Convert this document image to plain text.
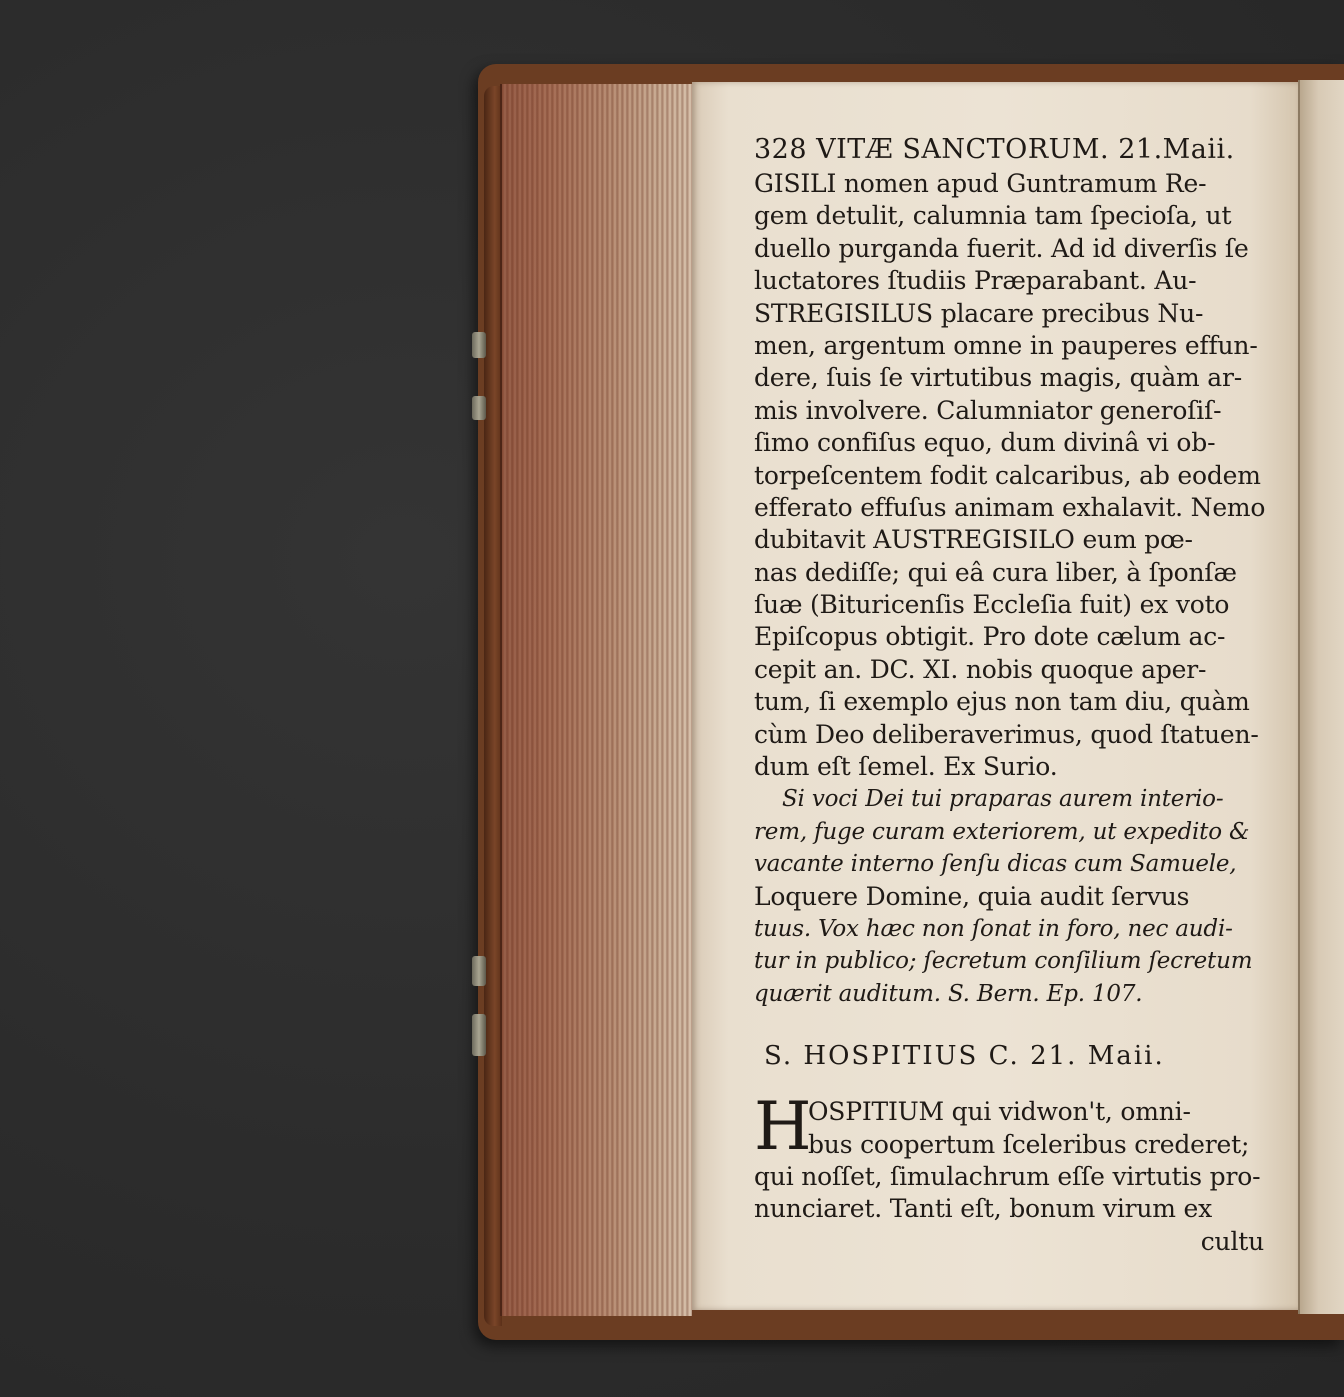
328 VITÆ SANCTORUM. 21.Maii.
GISILI nomen apud Guntramum Re-
gem detulit, calumnia tam ſpecioſa, ut
duello purganda fuerit. Ad id diverſis ſe
luctatores ſtudiis Præparabant. Au-
STREGISILUS placare precibus Nu-
men, argentum omne in pauperes effun-
dere, ſuis ſe virtutibus magis, quàm ar-
mis involvere. Calumniator generoſiſ-
ſimo confiſus equo, dum divinâ vi ob-
torpeſcentem fodit calcaribus, ab eodem
efferato effuſus animam exhalavit. Nemo
dubitavit AUSTREGISILO eum pœ-
nas dediſſe; qui eâ cura liber, à ſponſæ
ſuæ (Bituricenſis Eccleſia fuit) ex voto
Epiſcopus obtigit. Pro dote cælum ac-
cepit an. DC. XI. nobis quoque aper-
tum, ſi exemplo ejus non tam diu, quàm
cùm Deo deliberaverimus, quod ſtatuen-
dum eſt ſemel. Ex Surio.
Si voci Dei tui praparas aurem interio-
rem, fuge curam exteriorem, ut expedito &
vacante interno ſenſu dicas cum Samuele,
Loquere Domine, quia audit ſervus
tuus. Vox hæc non ſonat in foro, nec audi-
tur in publico; ſecretum conſilium ſecretum
quærit auditum. S. Bern. Ep. 107.
S. HOSPITIUS C. 21. Maii.
H
OSPITIUM qui vidwon't, omni-
bus coopertum ſceleribus crederet;
qui noſſet, ſimulachrum eſſe virtutis pro-
nunciaret. Tanti eſt, bonum virum ex
cultu
